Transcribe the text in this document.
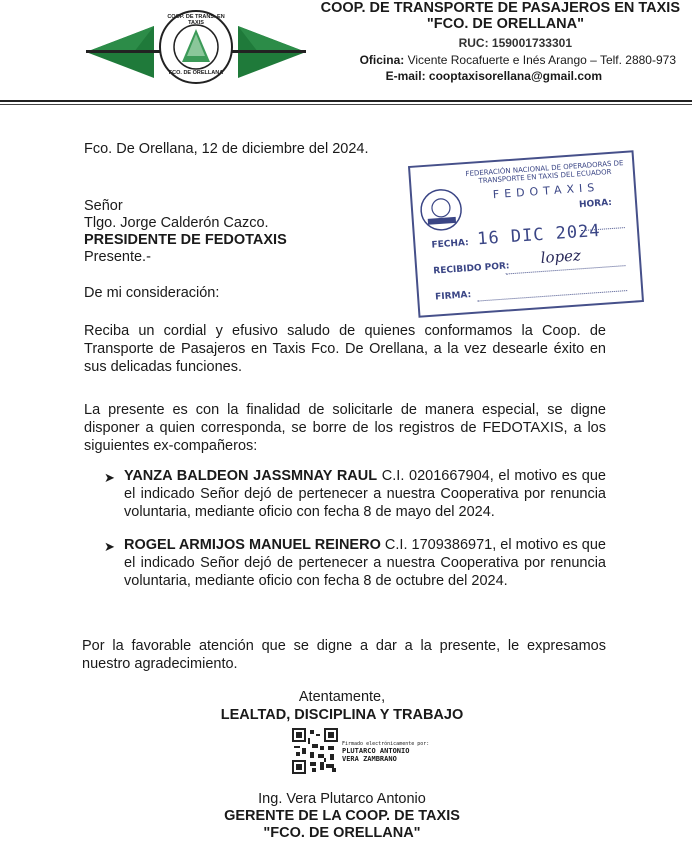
COOP. DE TRANS. EN TAXIS
FCO. DE ORELLANA
COOP. DE TRANSPORTE DE PASAJEROS EN TAXIS
"FCO. DE ORELLANA"
RUC: 159001733301
Oficina: Vicente Rocafuerte e Inés Arango – Telf. 2880-973
E-mail: cooptaxisorellana@gmail.com
Fco. De Orellana, 12 de diciembre del 2024.
Señor
Tlgo. Jorge Calderón Cazco.
PRESIDENTE DE FEDOTAXIS
Presente.-
De mi consideración:
Reciba un cordial y efusivo saludo de quienes conformamos la Coop. de Transporte de Pasajeros en Taxis Fco. De Orellana, a la vez desearle éxito en sus delicadas funciones.
La presente es con la finalidad de solicitarle de manera especial, se digne disponer a quien corresponda, se borre de los registros de FEDOTAXIS, a los siguientes ex-compañeros:
➤ YANZA BALDEON JASSMNAY RAUL C.I. 0201667904, el motivo es que el indicado Señor dejó de pertenecer a nuestra Cooperativa por renuncia voluntaria, mediante oficio con fecha 8 de mayo del 2024.
➤ ROGEL ARMIJOS MANUEL REINERO C.I. 1709386971, el motivo es que el indicado Señor dejó de pertenecer a nuestra Cooperativa por renuncia voluntaria, mediante oficio con fecha 8 de octubre del 2024.
Por la favorable atención que se digne a dar a la presente, le expresamos nuestro agradecimiento.
Atentamente,
LEALTAD, DISCIPLINA Y TRABAJO
Firmado electrónicamente por:
PLUTARCO ANTONIO
VERA ZAMBRANO
Ing. Vera Plutarco Antonio
GERENTE DE LA COOP. DE TAXIS
"FCO. DE ORELLANA"
FEDERACIÓN NACIONAL DE OPERADORAS DE TRANSPORTE EN TAXIS DEL ECUADOR
FEDOTAXIS
HORA:
FECHA: 16 DIC 2024
RECIBIDO POR:
lopez
FIRMA:
